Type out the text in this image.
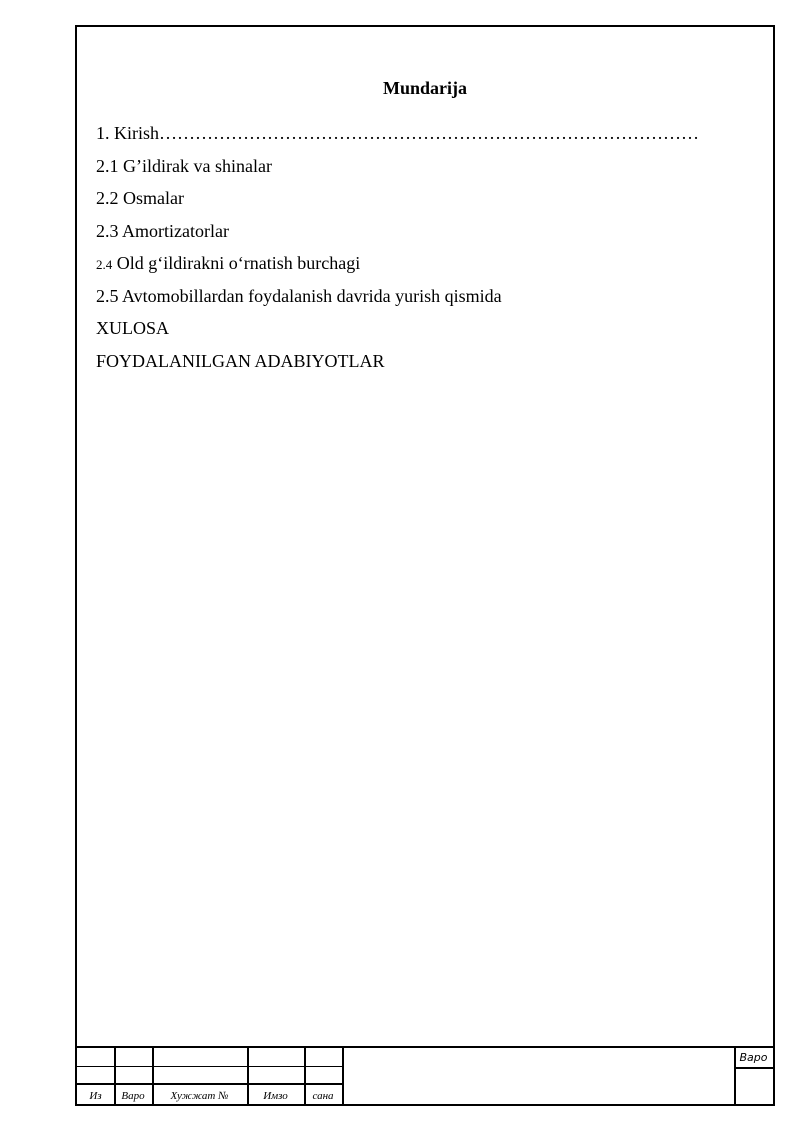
Mundarija
1. Kirish………………………………………………………………………………
2.1 G’ildirak va shinalar
2.2 Osmalar
2.3 Amortizatorlar
2.4 Old g‘ildirakni o‘rnatish burchagi
2.5 Avtomobillardan foydalanish davrida yurish qismida
XULOSA
FOYDALANILGAN ADABIYOTLAR
Из	Варо	Хужжат №	Имзо	сана
Варо
